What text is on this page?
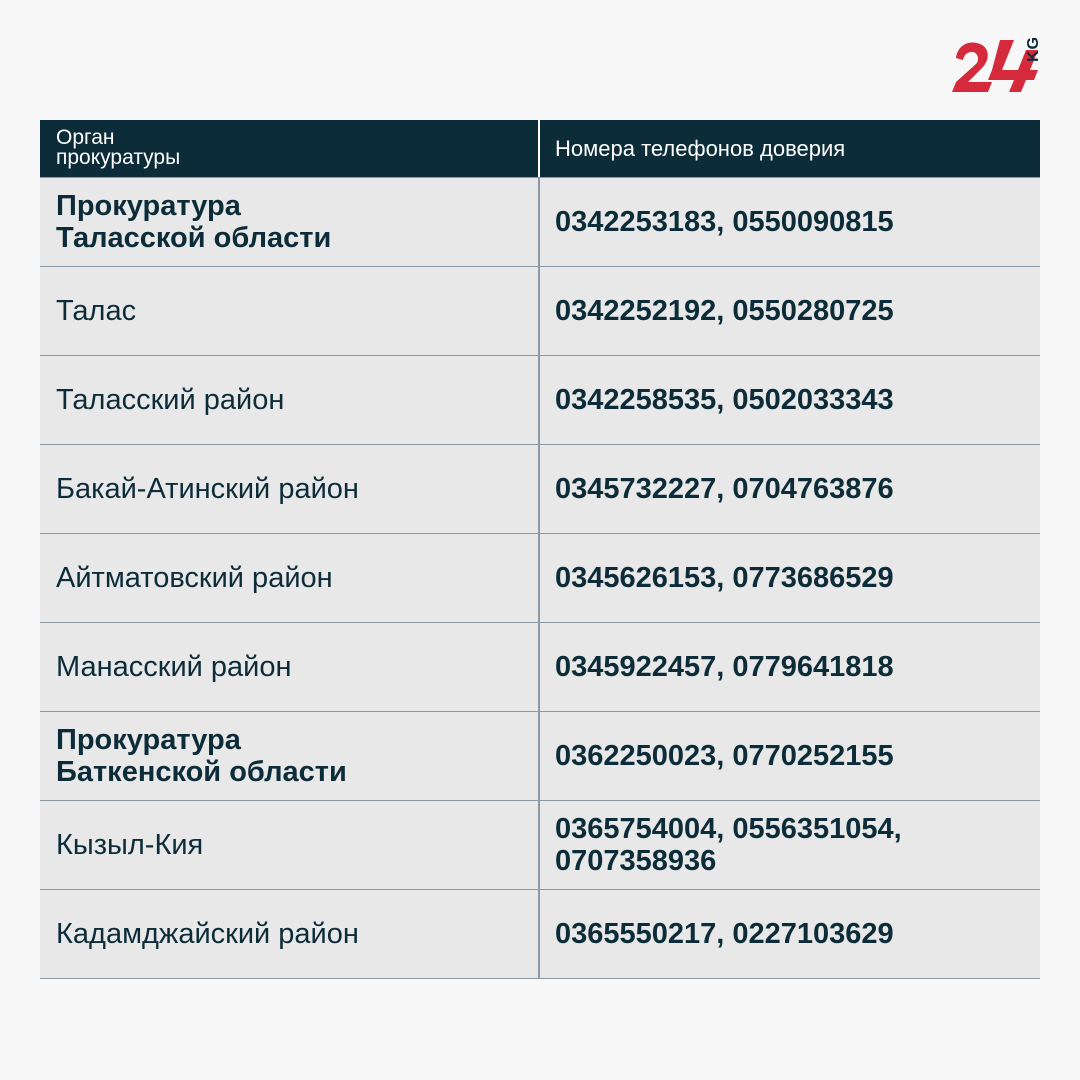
KG
Орган
прокуратуры	Номера телефонов доверия
Прокуратура Таласской области	0342253183, 0550090815
Талас	0342252192, 0550280725
Таласский район	0342258535, 0502033343
Бакай-Атинский район	0345732227, 0704763876
Айтматовский район	0345626153, 0773686529
Манасский район	0345922457, 0779641818
Прокуратура Баткенской области	0362250023, 0770252155
Кызыл-Кия	0365754004, 0556351054, 0707358936
Кадамджайский район	0365550217, 0227103629
